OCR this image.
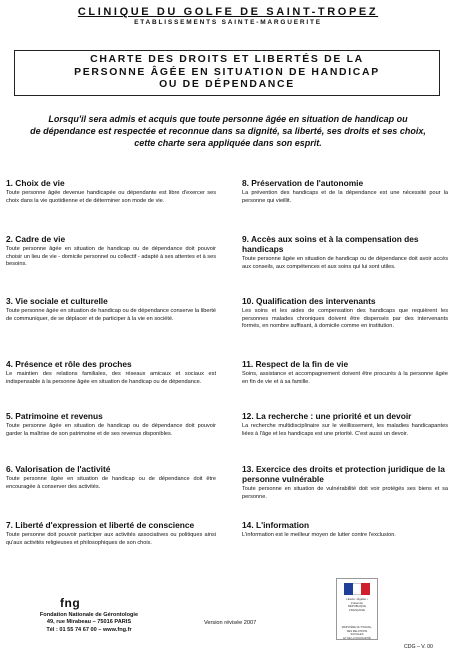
CLINIQUE DU GOLFE DE SAINT-TROPEZ
ETABLISSEMENTS SAINTE-MARGUERITE
CHARTE DES DROITS ET LIBERTÉS DE LA
PERSONNE ÂGÉE EN SITUATION DE HANDICAP
OU DE DÉPENDANCE
Lorsqu'il sera admis et acquis que toute personne âgée en situation de handicap ou
de dépendance est respectée et reconnue dans sa dignité, sa liberté, ses droits et ses choix,
cette charte sera appliquée dans son esprit.
1. Choix de vie
Toute personne âgée devenue handicapée ou dépendante est libre d'exercer ses choix dans la vie quotidienne et de déterminer son mode de vie.
2. Cadre de vie
Toute personne âgée en situation de handicap ou de dépendance doit pouvoir choisir un lieu de vie - domicile personnel ou collectif - adapté à ses attentes et à ses besoins.
3. Vie sociale et culturelle
Toute personne âgée en situation de handicap ou de dépendance conserve la liberté de communiquer, de se déplacer et de participer à la vie en société.
4. Présence et rôle des proches
Le maintien des relations familiales, des réseaux amicaux et sociaux est indispensable à la personne âgée en situation de handicap ou de dépendance.
5. Patrimoine et revenus
Toute personne âgée en situation de handicap ou de dépendance doit pouvoir garder la maîtrise de son patrimoine et de ses revenus disponibles.
6. Valorisation de l'activité
Toute personne âgée en situation de handicap ou de dépendance doit être encouragée à conserver des activités.
7. Liberté d'expression et liberté de conscience
Toute personne doit pouvoir participer aux activités associatives ou politiques ainsi qu'aux activités religieuses et philosophiques de son choix.
8. Préservation de l'autonomie
La prévention des handicaps et de la dépendance est une nécessité pour la personne qui vieillit.
9. Accès aux soins et à la compensation des handicaps
Toute personne âgée en situation de handicap ou de dépendance doit avoir accès aux conseils, aux compétences et aux soins qui lui sont utiles.
10. Qualification des intervenants
Les soins et les aides de compensation des handicaps que requièrent les personnes malades chroniques doivent être dispensés par des intervenants formés, en nombre suffisant, à domicile comme en institution.
11. Respect de la fin de vie
Soins, assistance et accompagnement doivent être procurés à la personne âgée en fin de vie et à sa famille.
12. La recherche : une priorité et un devoir
La recherche multidisciplinaire sur le vieillissement, les maladies handicapantes liées à l'âge et les handicaps est une priorité. C'est aussi un devoir.
13. Exercice des droits et protection juridique de la personne vulnérable
Toute personne en situation de vulnérabilité doit voir protégés ses biens et sa personne.
14. L'information
L'information est le meilleur moyen de lutter contre l'exclusion.
fng
Fondation Nationale de Gérontologie
49, rue Mirabeau – 75016 PARIS
Tél : 01 55 74 67 00 – www.fng.fr
Version révisée 2007
Liberté • Égalité • Fraternité
RÉPUBLIQUE FRANÇAISE
MINISTÈRE DU TRAVAIL,
DES RELATIONS SOCIALES
ET DE LA SOLIDARITÉ
CDG – V. 00
